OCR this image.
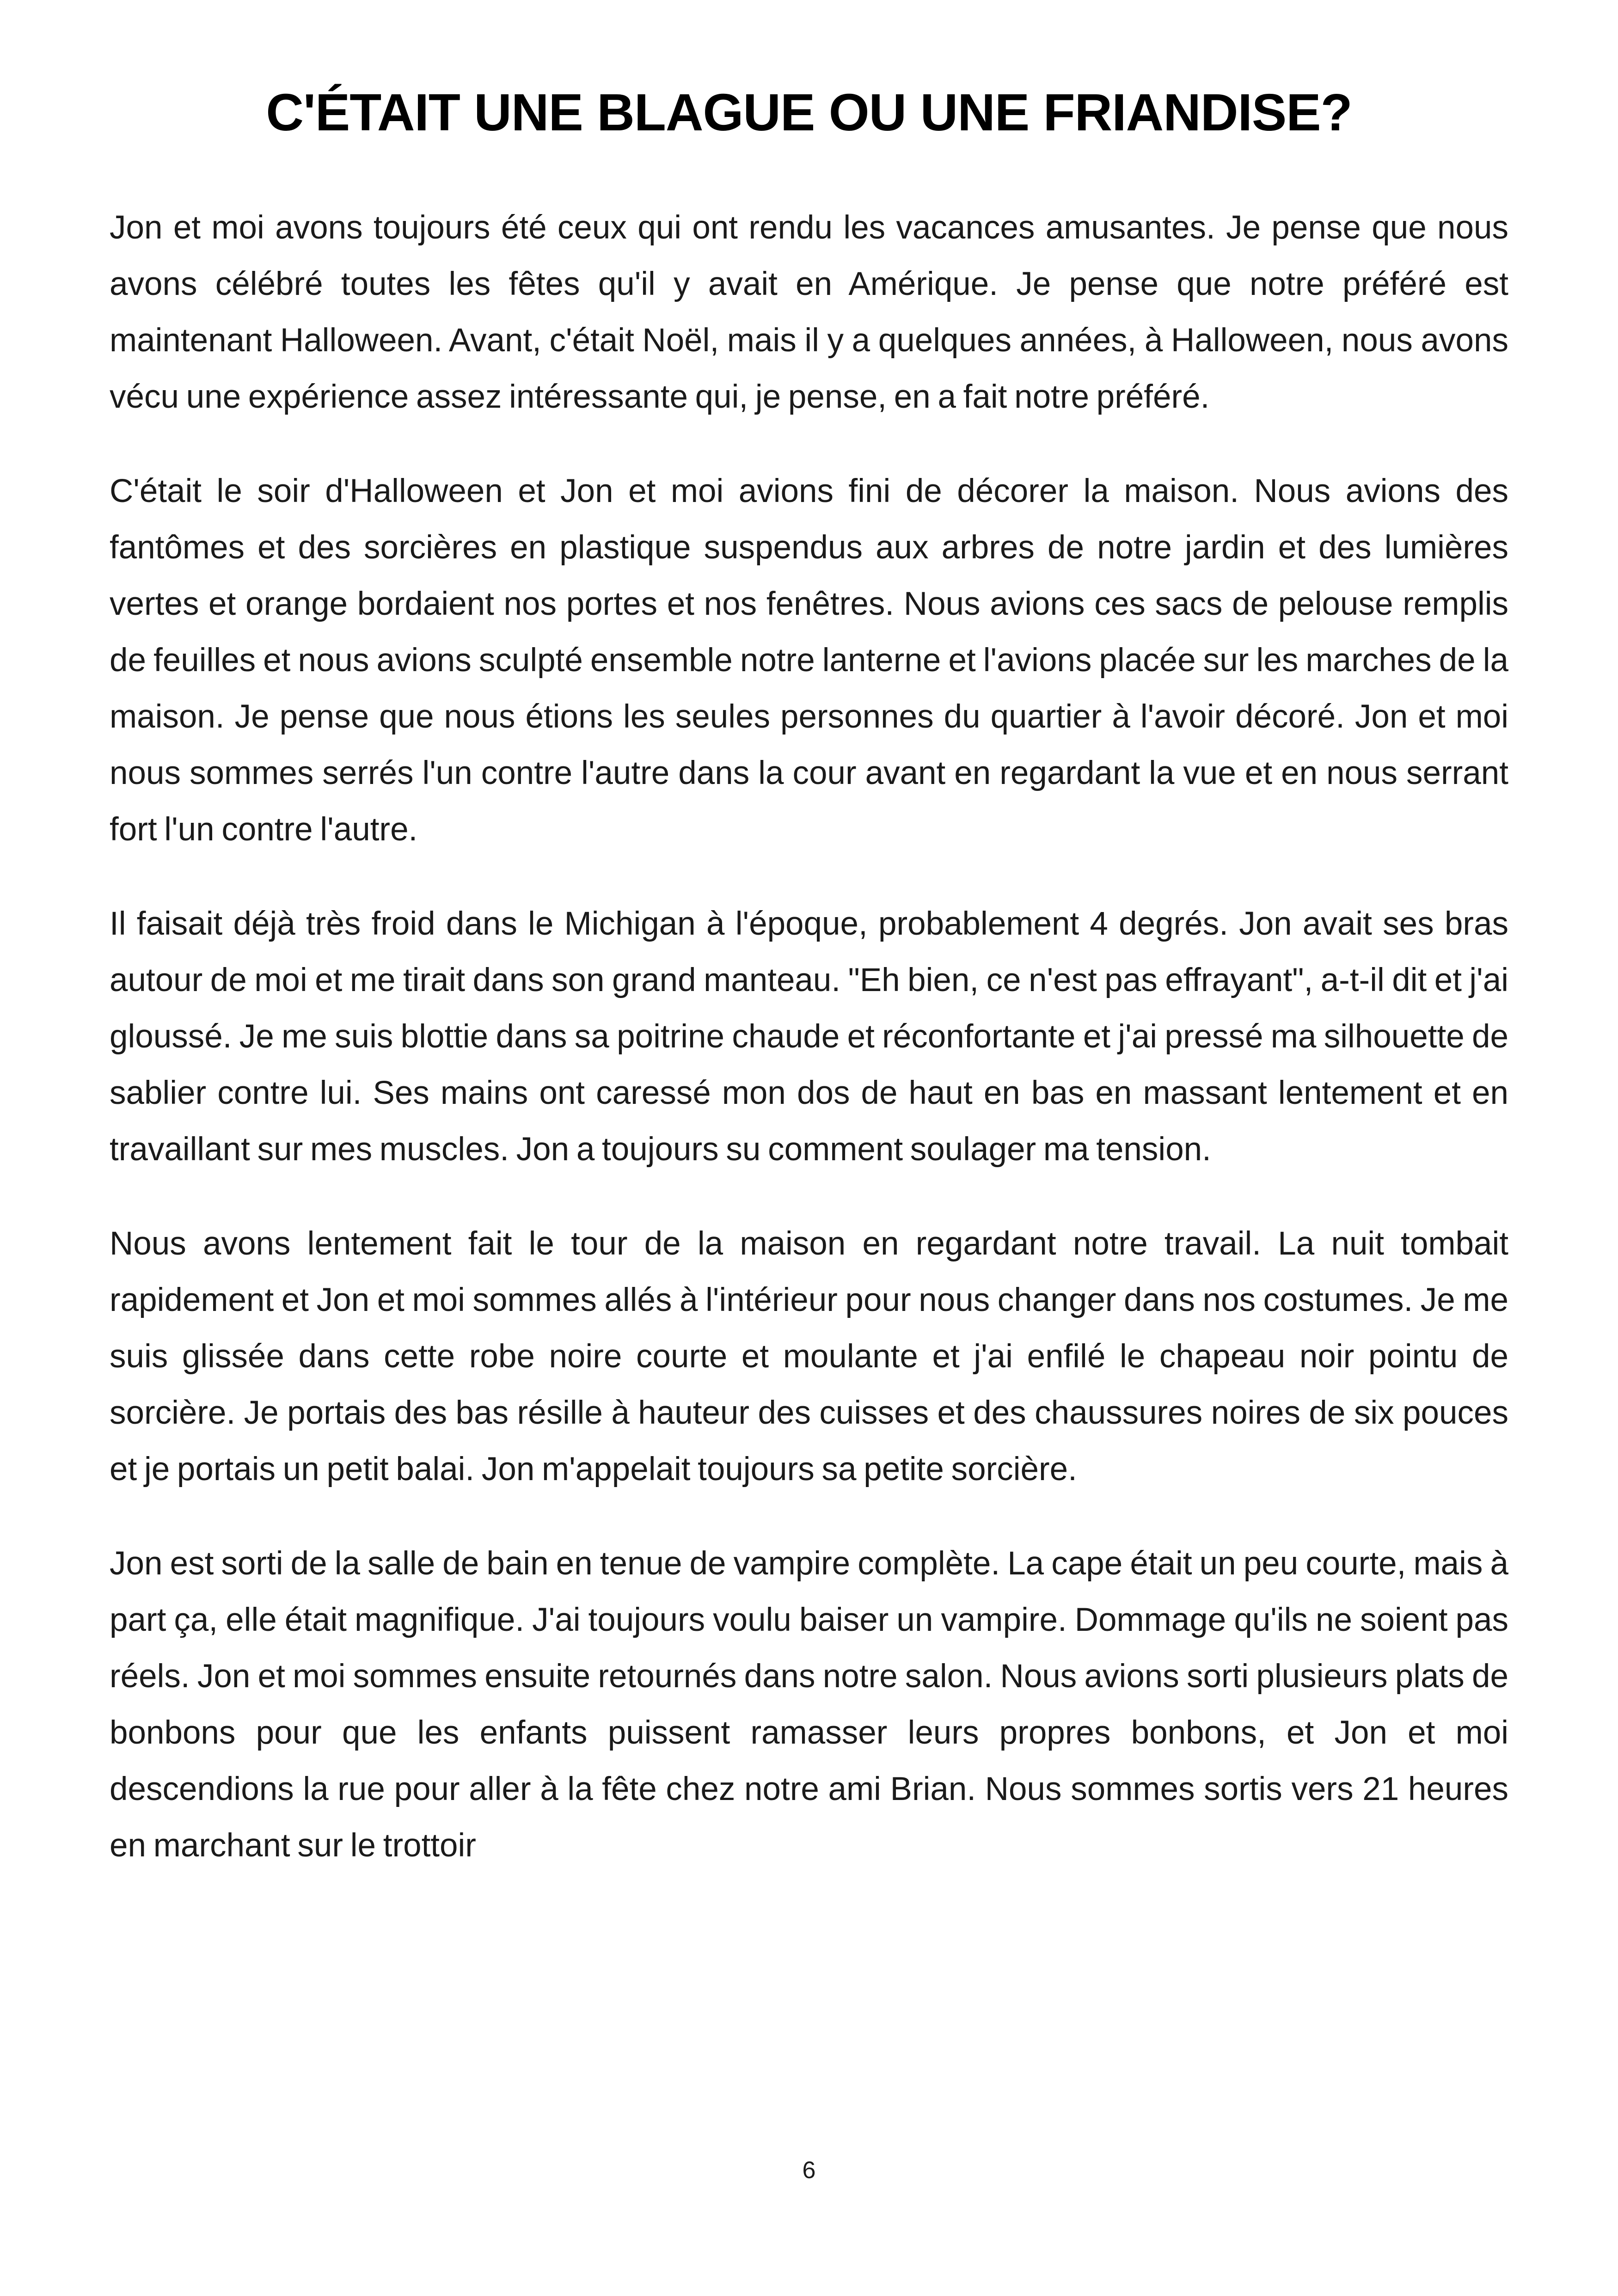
C'ÉTAIT UNE BLAGUE OU UNE FRIANDISE?

Jon et moi avons toujours été ceux qui ont rendu les vacances amusantes. Je pense que nous avons célébré toutes les fêtes qu'il y avait en Amérique. Je pense que notre préféré est maintenant Halloween. Avant, c'était Noël, mais il y a quelques années, à Halloween, nous avons vécu une expérience assez intéressante qui, je pense, en a fait notre préféré.

C'était le soir d'Halloween et Jon et moi avions fini de décorer la maison. Nous avions des fantômes et des sorcières en plastique suspendus aux arbres de notre jardin et des lumières vertes et orange bordaient nos portes et nos fenêtres. Nous avions ces sacs de pelouse remplis de feuilles et nous avions sculpté ensemble notre lanterne et l'avions placée sur les marches de la maison. Je pense que nous étions les seules personnes du quartier à l'avoir décoré. Jon et moi nous sommes serrés l'un contre l'autre dans la cour avant en regardant la vue et en nous serrant fort l'un contre l'autre.

Il faisait déjà très froid dans le Michigan à l'époque, probablement 4 degrés. Jon avait ses bras autour de moi et me tirait dans son grand manteau. "Eh bien, ce n'est pas effrayant", a-t-il dit et j'ai gloussé. Je me suis blottie dans sa poitrine chaude et réconfortante et j'ai pressé ma silhouette de sablier contre lui. Ses mains ont caressé mon dos de haut en bas en massant lentement et en travaillant sur mes muscles. Jon a toujours su comment soulager ma tension.

Nous avons lentement fait le tour de la maison en regardant notre travail. La nuit tombait rapidement et Jon et moi sommes allés à l'intérieur pour nous changer dans nos costumes. Je me suis glissée dans cette robe noire courte et moulante et j'ai enfilé le chapeau noir pointu de sorcière. Je portais des bas résille à hauteur des cuisses et des chaussures noires de six pouces et je portais un petit balai. Jon m'appelait toujours sa petite sorcière.

Jon est sorti de la salle de bain en tenue de vampire complète. La cape était un peu courte, mais à part ça, elle était magnifique. J'ai toujours voulu baiser un vampire. Dommage qu'ils ne soient pas réels. Jon et moi sommes ensuite retournés dans notre salon. Nous avions sorti plusieurs plats de bonbons pour que les enfants puissent ramasser leurs propres bonbons, et Jon et moi descendions la rue pour aller à la fête chez notre ami Brian. Nous sommes sortis vers 21 heures en marchant sur le trottoir

6
